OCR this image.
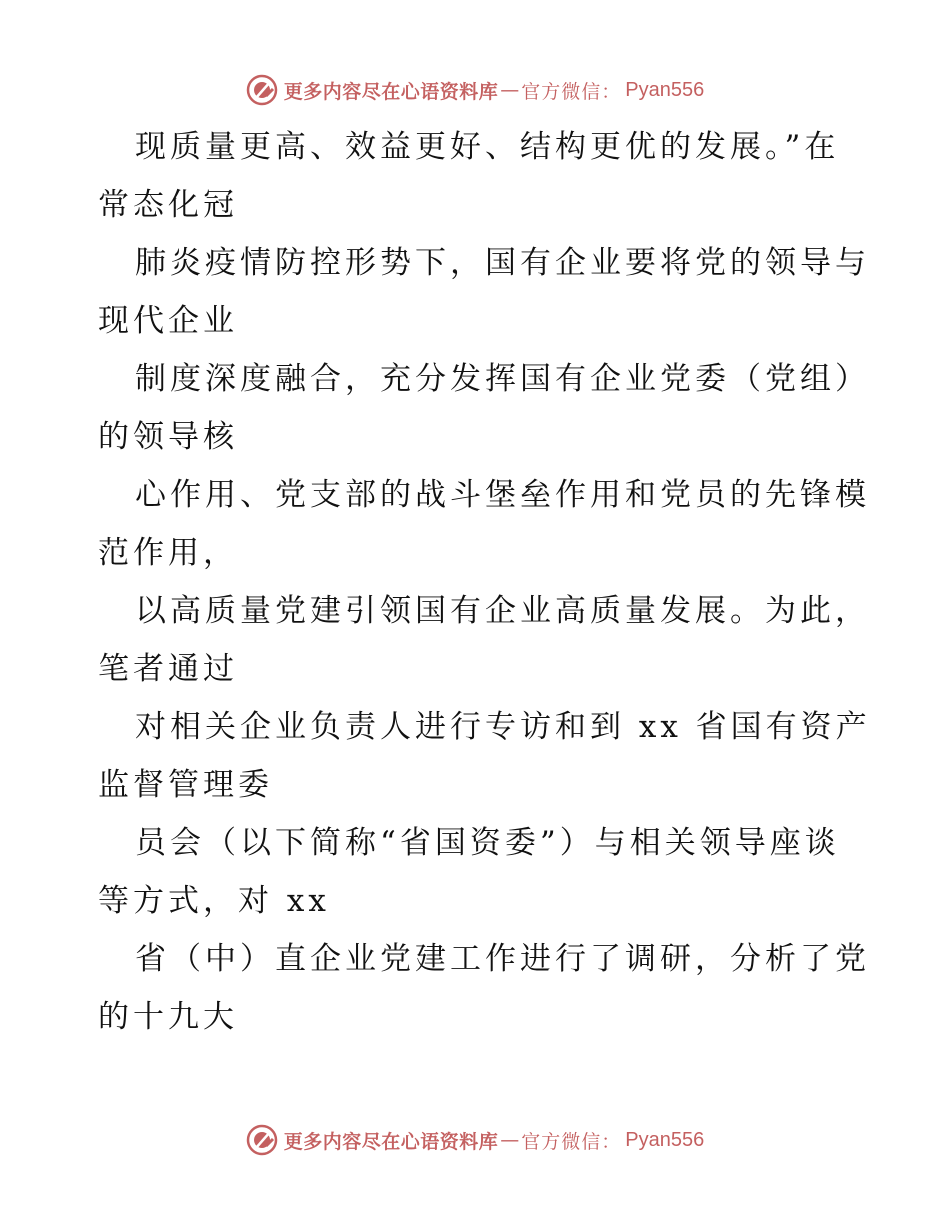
更多内容尽在心语资料库 — 官方微信： Pyan556
现质量更高、效益更好、结构更优的发展。”在
常态化冠
肺炎疫情防控形势下，国有企业要将党的领导与
现代企业
制度深度融合，充分发挥国有企业党委（党组）
的领导核
心作用、党支部的战斗堡垒作用和党员的先锋模
范作用，
以高质量党建引领国有企业高质量发展。为此，
笔者通过
对相关企业负责人进行专访和到 xx 省国有资产
监督管理委
员会（以下简称“省国资委”）与相关领导座谈
等方式，对 xx
省（中）直企业党建工作进行了调研，分析了党
的十九大
更多内容尽在心语资料库 — 官方微信： Pyan556
